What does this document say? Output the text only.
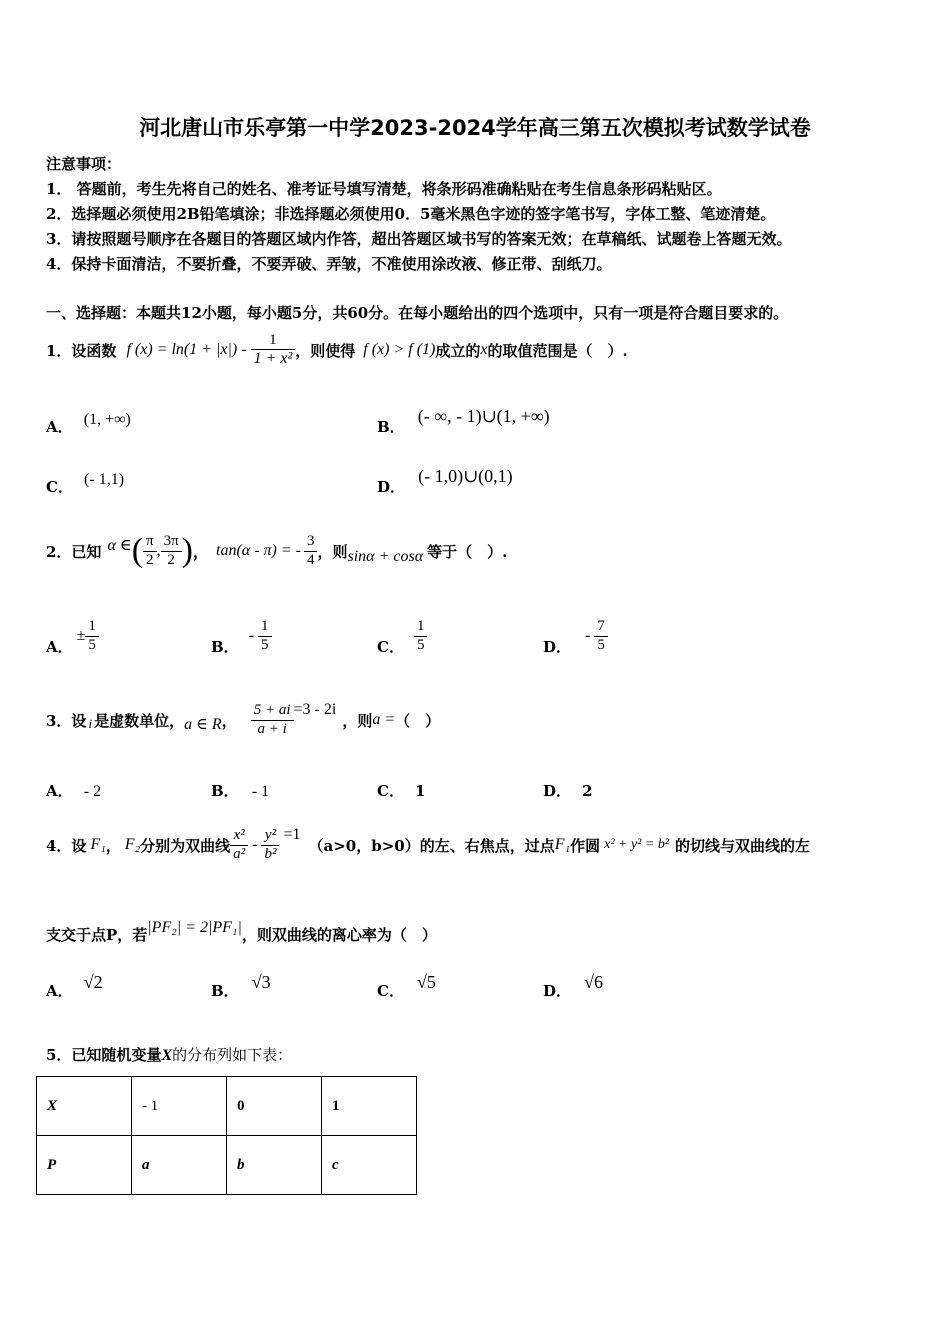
河北唐山市乐亭第一中学2023-2024学年高三第五次模拟考试数学试卷
注意事项：
1． 答题前，考生先将自己的姓名、准考证号填写清楚，将条形码准确粘贴在考生信息条形码粘贴区。
2．选择题必须使用2B铅笔填涂；非选择题必须使用0．5毫米黑色字迹的签字笔书写，字体工整、笔迹清楚。
3．请按照题号顺序在各题目的答题区域内作答，超出答题区域书写的答案无效；在草稿纸、试题卷上答题无效。
4．保持卡面清洁，不要折叠，不要弄破、弄皱，不准使用涂改液、修正带、刮纸刀。
一、选择题：本题共12小题，每小题5分，共60分。在每小题给出的四个选项中，只有一项是符合题目要求的。
1．设函数 f $(x) = \ln(1 + |x|) - \frac{1}{\text{1 + x²}}$ ，则使得 f (x) > f (1) 成立的 x 的取值范围是（　）.
A． (1, +∞)	B． (- ∞, - 1)∪(1, +∞)
C． (- 1,1)	D． (- 1,0)∪(0,1)
2．已知 α ∈ ( $\frac{\pi}{2}$ , $\frac{3\pi}{2}$ ) ， tan(α - π) = - $\frac{3}{4}$ ，则 sinα + cosα 等于（　）.
A．
± $\frac{1}{5}$	B．
- $\frac{1}{5}$	C． $\frac{1}{5}$	D．
- $\frac{7}{5}$
3．设 i 是虚数单位， a ∈ R ， $\frac{5 + ai}{a + i} =3 - 2i$
，则 a = （　）
A． - 2	B． - 1	C． 1	D． 2
4．设 F₁ ， F₂ 分别为双曲线 $\frac{\text{x²}}{\text{a²}} - \frac{\text{y²}}{\text{b²}} =1$
（a>0，b>0）的左、右焦点，过点 F₁ 作圆 x² + y² = b² 的切线与双曲线的左
支交于点P，若 |PF₂| = 2|PF₁| ，则双曲线的离心率为（　）
A． √2	B． √3	C． √5	D． √6
5．已知随机变量X的分布列如下表：
X	- 1	0	1
P	a	b	c
